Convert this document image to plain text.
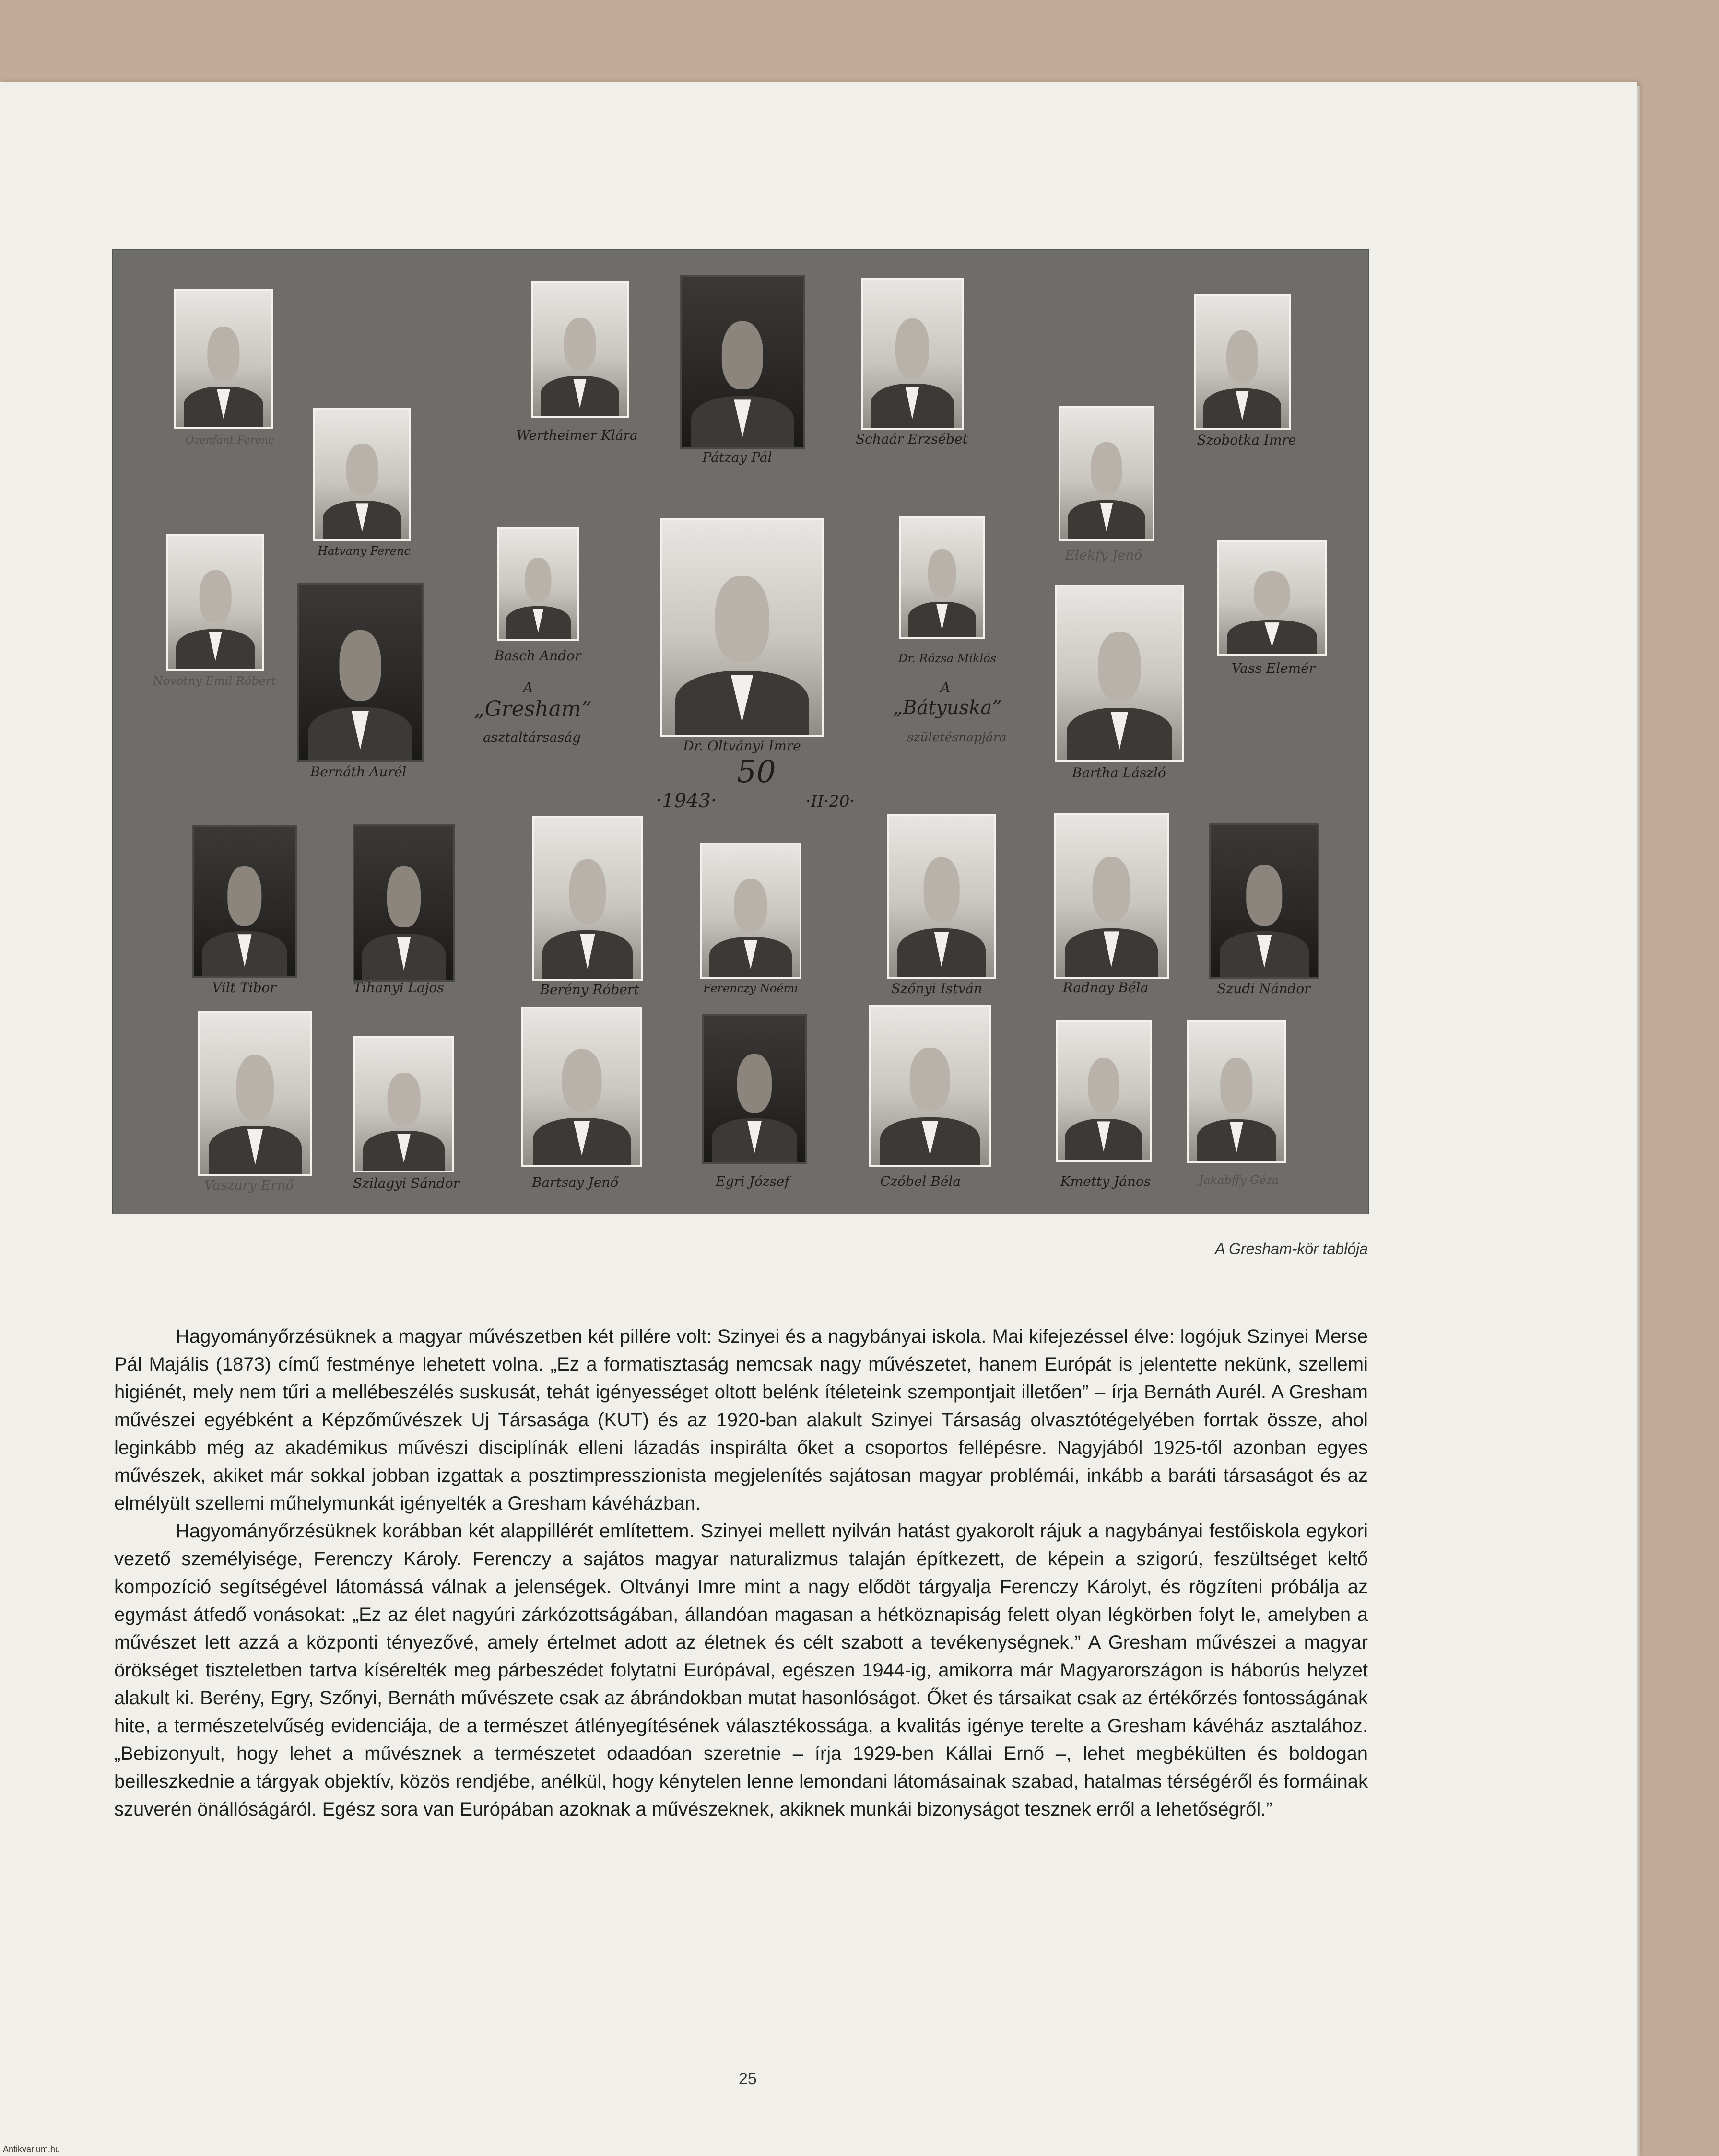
Ozenfant Ferenc	Wertheimer Klára
Pátzay Pál
Schaár Erzsébet	Szobotka Imre
Hatvany Ferenc	Elekfy Jenő
Novotny Emil Róbert
Basch Andor	Dr. Rózsa Miklós
Vass Elemér
Bernáth Aurél
Dr. Oltványi Imre
Bartha László
A
„Gresham”
asztaltársaság
A
„Bátyuska”
születésnapjára
50
·1943·	·II·20·
Vilt Tibor	Tihanyi Lajos	Berény Róbert	Ferenczy Noémi	Szőnyi István	Radnay Béla	Szudi Nándor
Vaszary Ernő	Szilagyi Sándor	Bartsay Jenő	Egri József	Czóbel Béla	Kmetty János	Jakabffy Géza
A Gresham-kör tablója

Hagyományőrzésüknek a magyar művészetben két pillére volt: Szinyei és a nagybányai iskola. Mai kifejezéssel élve: logójuk Szinyei Merse Pál Majális (1873) című festménye lehetett volna. „Ez a formatisztaság nemcsak nagy művészetet, hanem Európát is jelentette nekünk, szellemi higiénét, mely nem tűri a mellébeszélés suskusát, tehát igényességet oltott belénk ítéleteink szempontjait illetően” – írja Bernáth Aurél. A Gresham művészei egyébként a Képzőművészek Uj Társasága (KUT) és az 1920-ban alakult Szinyei Társaság olvasztótégelyében forrtak össze, ahol leginkább még az akadémikus művészi disciplínák elleni lázadás inspirálta őket a csoportos fellépésre. Nagyjából 1925-től azonban egyes művészek, akiket már sokkal jobban izgattak a posztimpresszionista megjelenítés sajátosan magyar problémái, inkább a baráti társaságot és az elmélyült szellemi műhelymunkát igényelték a Gresham kávéházban.

Hagyományőrzésüknek korábban két alappillérét említettem. Szinyei mellett nyilván hatást gyakorolt rájuk a nagybányai festőiskola egykori vezető személyisége, Ferenczy Károly. Ferenczy a sajátos magyar naturalizmus talaján építkezett, de képein a szigorú, feszültséget keltő kompozíció segítségével látomássá válnak a jelenségek. Oltványi Imre mint a nagy elődöt tárgyalja Ferenczy Károlyt, és rögzíteni próbálja az egymást átfedő vonásokat: „Ez az élet nagyúri zárkózottságában, állandóan magasan a hétköznapiság felett olyan légkörben folyt le, amelyben a művészet lett azzá a központi tényezővé, amely értelmet adott az életnek és célt szabott a tevékenységnek.” A Gresham művészei a magyar örökséget tiszteletben tartva kísérelték meg párbeszédet folytatni Európával, egészen 1944-ig, amikorra már Magyarországon is háborús helyzet alakult ki. Berény, Egry, Szőnyi, Bernáth művészete csak az ábrándokban mutat hasonlóságot. Őket és társaikat csak az értékőrzés fontosságának hite, a természetelvűség evidenciája, de a természet átlényegítésének választékossága, a kvalitás igénye terelte a Gresham kávéház asztalához. „Bebizonyult, hogy lehet a művésznek a természetet odaadóan szeretnie – írja 1929-ben Kállai Ernő –, lehet megbékülten és boldogan beilleszkednie a tárgyak objektív, közös rendjébe, anélkül, hogy kénytelen lenne lemondani látomásainak szabad, hatalmas térségéről és formáinak szuverén önállóságáról. Egész sora van Európában azoknak a művészeknek, akiknek munkái bizonyságot tesznek erről a lehetőségről.”

25
Antikvarium.hu
